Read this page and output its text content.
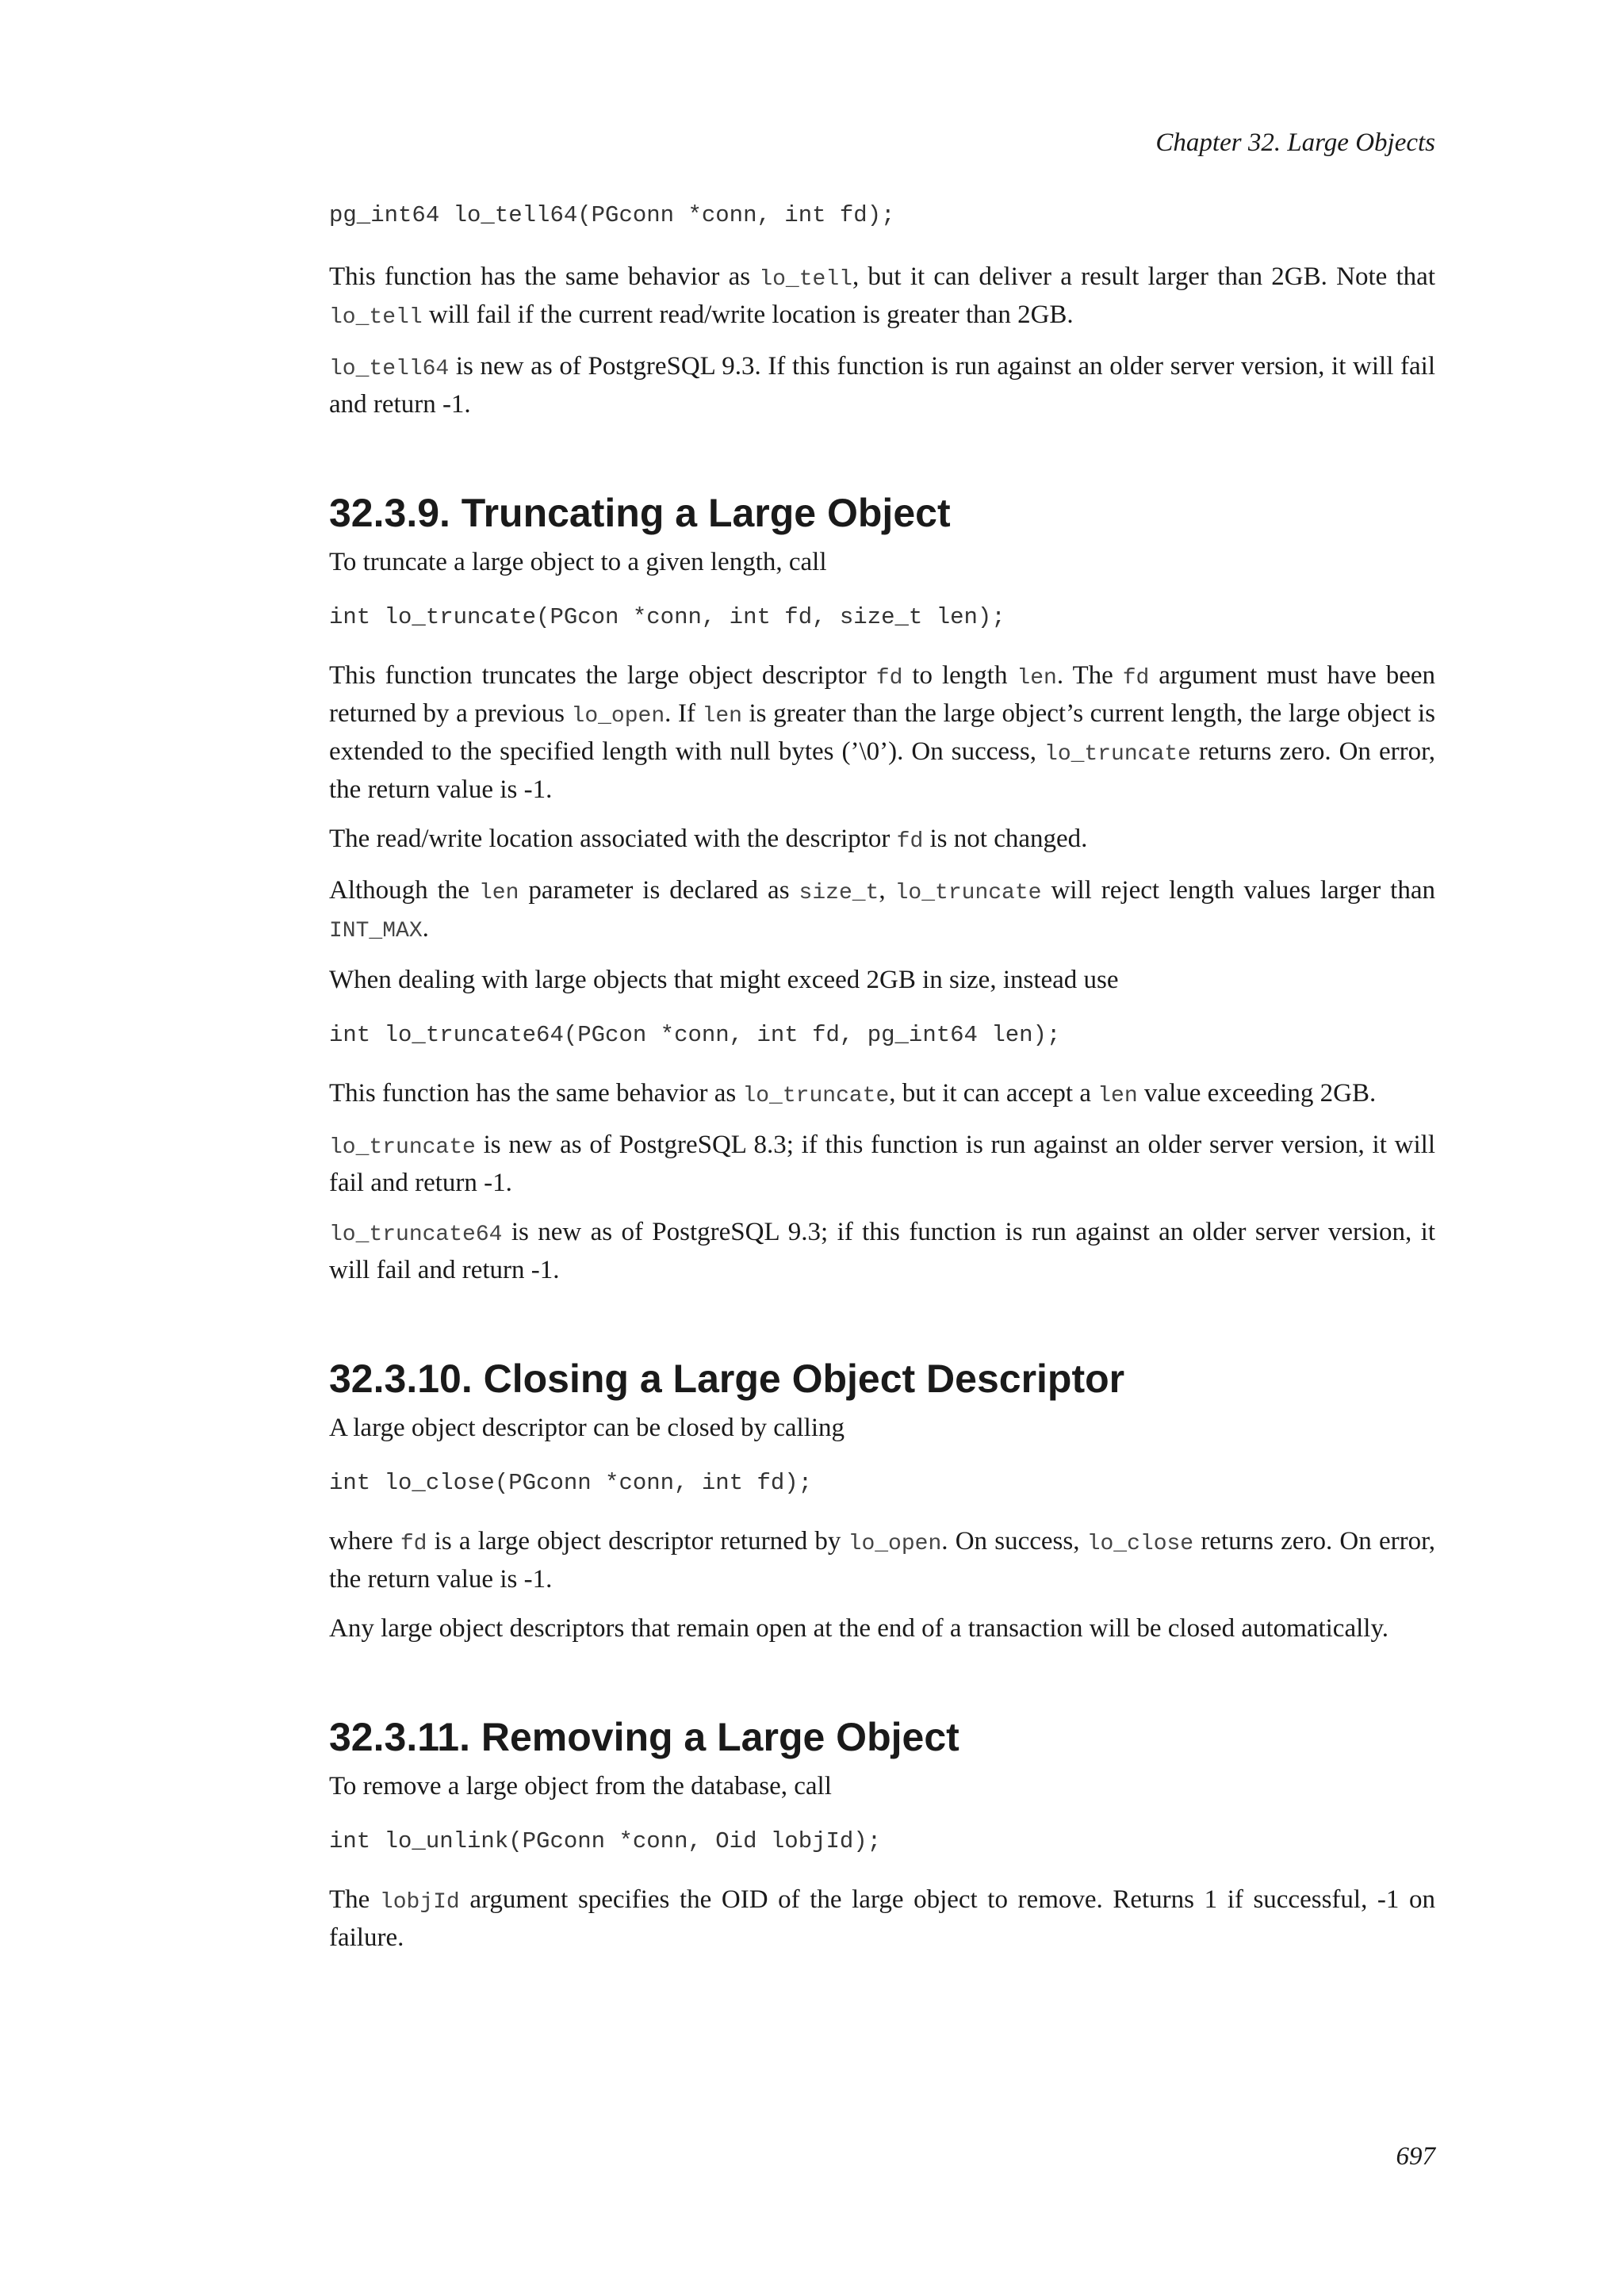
Chapter 32. Large Objects
pg_int64 lo_tell64(PGconn *conn, int fd);

This function has the same behavior as lo_tell, but it can deliver a result larger than 2GB. Note that lo_tell will fail if the current read/write location is greater than 2GB.

lo_tell64 is new as of PostgreSQL 9.3. If this function is run against an older server version, it will fail and return -1.

32.3.9. Truncating a Large Object

To truncate a large object to a given length, call

int lo_truncate(PGcon *conn, int fd, size_t len);

This function truncates the large object descriptor fd to length len. The fd argument must have been returned by a previous lo_open. If len is greater than the large object’s current length, the large object is extended to the specified length with null bytes (’\0’). On success, lo_truncate returns zero. On error, the return value is -1.

The read/write location associated with the descriptor fd is not changed.

Although the len parameter is declared as size_t, lo_truncate will reject length values larger than INT_MAX.

When dealing with large objects that might exceed 2GB in size, instead use

int lo_truncate64(PGcon *conn, int fd, pg_int64 len);

This function has the same behavior as lo_truncate, but it can accept a len value exceeding 2GB.

lo_truncate is new as of PostgreSQL 8.3; if this function is run against an older server version, it will fail and return -1.

lo_truncate64 is new as of PostgreSQL 9.3; if this function is run against an older server version, it will fail and return -1.

32.3.10. Closing a Large Object Descriptor

A large object descriptor can be closed by calling

int lo_close(PGconn *conn, int fd);

where fd is a large object descriptor returned by lo_open. On success, lo_close returns zero. On error, the return value is -1.

Any large object descriptors that remain open at the end of a transaction will be closed automatically.

32.3.11. Removing a Large Object

To remove a large object from the database, call

int lo_unlink(PGconn *conn, Oid lobjId);

The lobjId argument specifies the OID of the large object to remove. Returns 1 if successful, -1 on failure.

697
